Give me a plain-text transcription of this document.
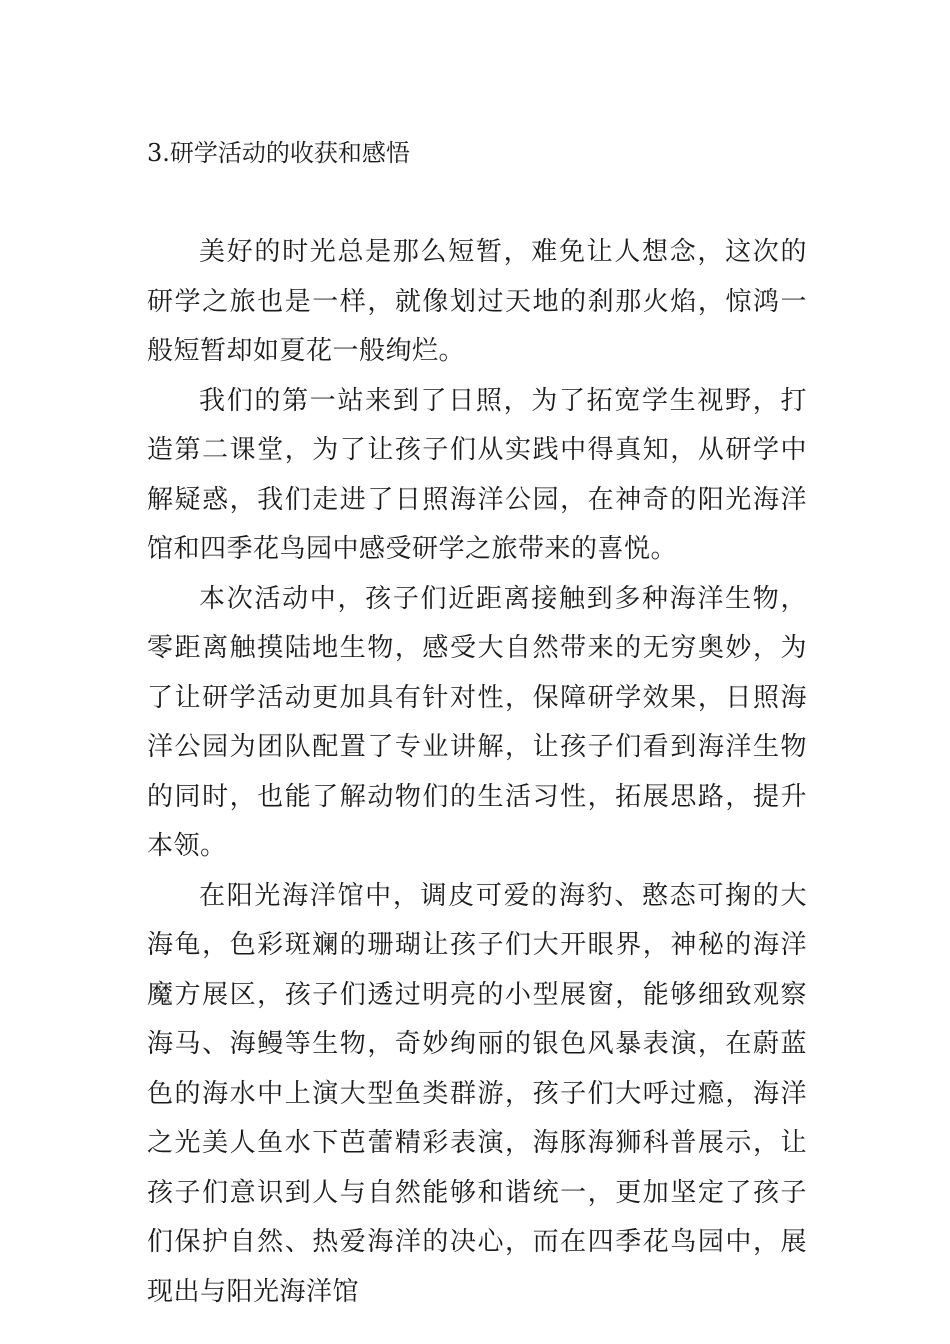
3.研学活动的收获和感悟

美好的时光总是那么短暂，难免让人想念，这次的研学之旅也是一样，就像划过天地的刹那火焰，惊鸿一般短暂却如夏花一般绚烂。

我们的第一站来到了日照，为了拓宽学生视野，打造第二课堂，为了让孩子们从实践中得真知，从研学中解疑惑，我们走进了日照海洋公园，在神奇的阳光海洋馆和四季花鸟园中感受研学之旅带来的喜悦。

本次活动中，孩子们近距离接触到多种海洋生物，零距离触摸陆地生物，感受大自然带来的无穷奥妙，为了让研学活动更加具有针对性，保障研学效果，日照海洋公园为团队配置了专业讲解，让孩子们看到海洋生物的同时，也能了解动物们的生活习性，拓展思路，提升本领。

在阳光海洋馆中，调皮可爱的海豹、憨态可掬的大海龟，色彩斑斓的珊瑚让孩子们大开眼界，神秘的海洋魔方展区，孩子们透过明亮的小型展窗，能够细致观察海马、海鳗等生物，奇妙绚丽的银色风暴表演，在蔚蓝色的海水中上演大型鱼类群游，孩子们大呼过瘾，海洋之光美人鱼水下芭蕾精彩表演，海豚海狮科普展示，让孩子们意识到人与自然能够和谐统一，更加坚定了孩子们保护自然、热爱海洋的决心，而在四季花鸟园中，展现出与阳光海洋馆
